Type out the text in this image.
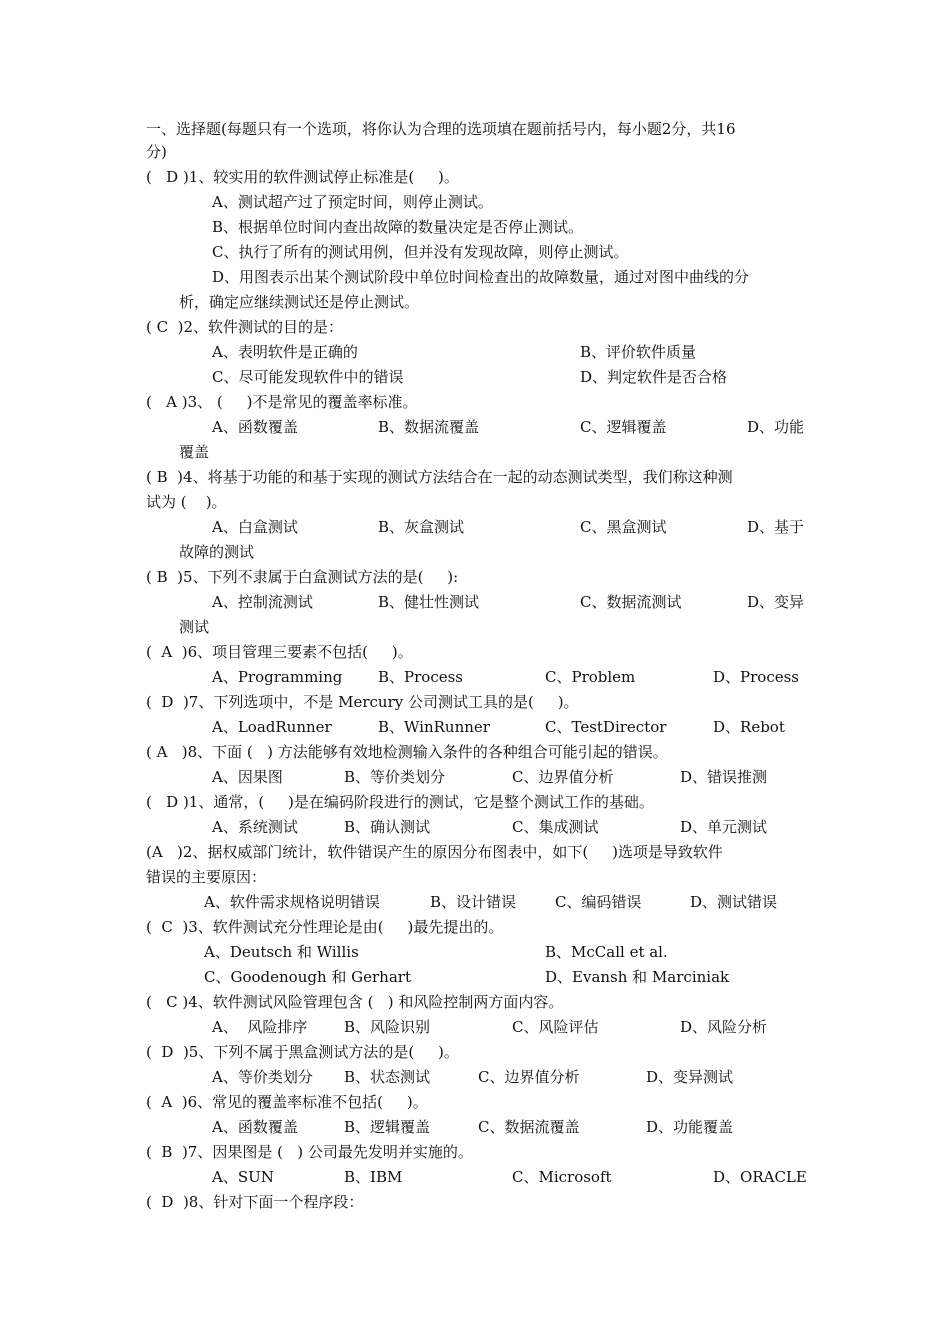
一、选择题(每题只有一个选项，将你认为合理的选项填在题前括号内，每小题2分，共16
分)
(   D )1、较实用的软件测试停止标准是(     )。
A、测试超产过了预定时间，则停止测试。
B、根据单位时间内查出故障的数量决定是否停止测试。
C、执行了所有的测试用例，但并没有发现故障，则停止测试。
D、用图表示出某个测试阶段中单位时间检查出的故障数量，通过对图中曲线的分
析，确定应继续测试还是停止测试。
( C  )2、软件测试的目的是：
A、表明软件是正确的	B、评价软件质量
C、尽可能发现软件中的错误	D、判定软件是否合格
(   A )3、 (     )不是常见的覆盖率标准。
A、函数覆盖	B、数据流覆盖	C、逻辑覆盖	D、功能
覆盖
( B  )4、将基于功能的和基于实现的测试方法结合在一起的动态测试类型，我们称这种测
试为 (    )。
A、白盒测试	B、灰盒测试	C、黑盒测试	D、基于
故障的测试
( B  )5、下列不隶属于白盒测试方法的是(     ):
A、控制流测试	B、健壮性测试	C、数据流测试	D、变异
测试
(  A  )6、项目管理三要素不包括(     )。
A、Programming B、Process	C、Problem	D、Process
(  D  )7、下列选项中，不是 Mercury 公司测试工具的是(     )。
A、LoadRunner	B、WinRunner	C、TestDirector	D、Rebot
( A   )8、下面 (   ) 方法能够有效地检测输入条件的各种组合可能引起的错误。
A、因果图	B、等价类划分	C、边界值分析	D、错误推测
(   D )1、通常，(     )是在编码阶段进行的测试，它是整个测试工作的基础。
A、系统测试	B、确认测试	C、集成测试	D、单元测试
(A   )2、据权威部门统计，软件错误产生的原因分布图表中，如下(     )选项是导致软件
错误的主要原因：
A、软件需求规格说明错误	B、设计错误	C、编码错误	D、测试错误
(  C  )3、软件测试充分性理论是由(     )最先提出的。
A、Deutsch 和 Willis	B、McCall et al.
C、Goodenough 和 Gerhart	D、Evansh 和 Marciniak
(   C )4、软件测试风险管理包含 (   ) 和风险控制两方面内容。
A、  风险排序 B、风险识别	C、风险评估	D、风险分析
(  D  )5、下列不属于黑盒测试方法的是(     )。
A、等价类划分 B、状态测试	C、边界值分析	D、变异测试
(  A  )6、常见的覆盖率标准不包括(     )。
A、函数覆盖	B、逻辑覆盖	C、数据流覆盖	D、功能覆盖
(  B  )7、因果图是 (   ) 公司最先发明并实施的。
A、SUN	B、IBM	C、Microsoft	D、ORACLE
(  D  )8、针对下面一个程序段：
